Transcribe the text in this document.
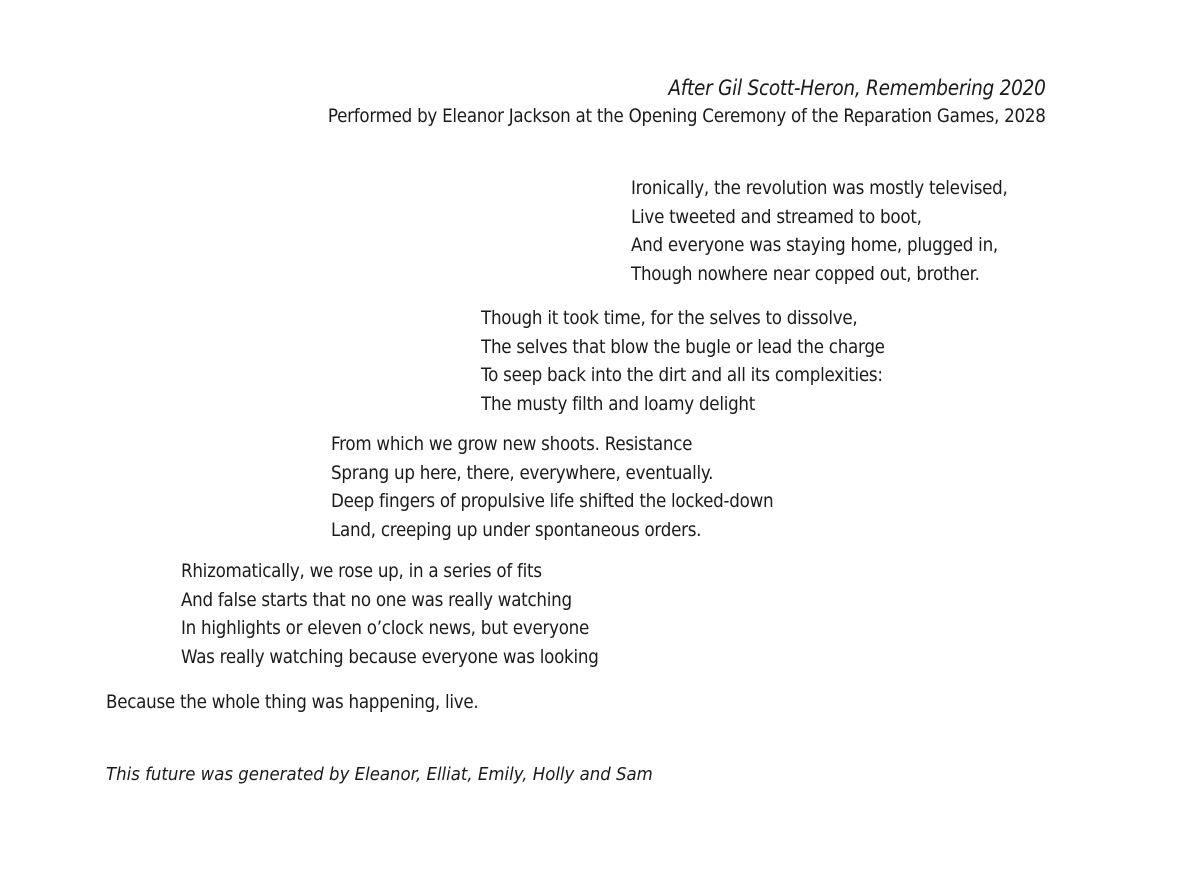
After Gil Scott-Heron, Remembering 2020
Performed by Eleanor Jackson at the Opening Ceremony of the Reparation Games, 2028
Ironically, the revolution was mostly televised,
Live tweeted and streamed to boot,
And everyone was staying home, plugged in,
Though nowhere near copped out, brother.
Though it took time, for the selves to dissolve,
The selves that blow the bugle or lead the charge
To seep back into the dirt and all its complexities:
The musty filth and loamy delight
From which we grow new shoots. Resistance
Sprang up here, there, everywhere, eventually.
Deep fingers of propulsive life shifted the locked-down
Land, creeping up under spontaneous orders.
Rhizomatically, we rose up, in a series of fits
And false starts that no one was really watching
In highlights or eleven o’clock news, but everyone
Was really watching because everyone was looking
Because the whole thing was happening, live.
This future was generated by Eleanor, Elliat, Emily, Holly and Sam
